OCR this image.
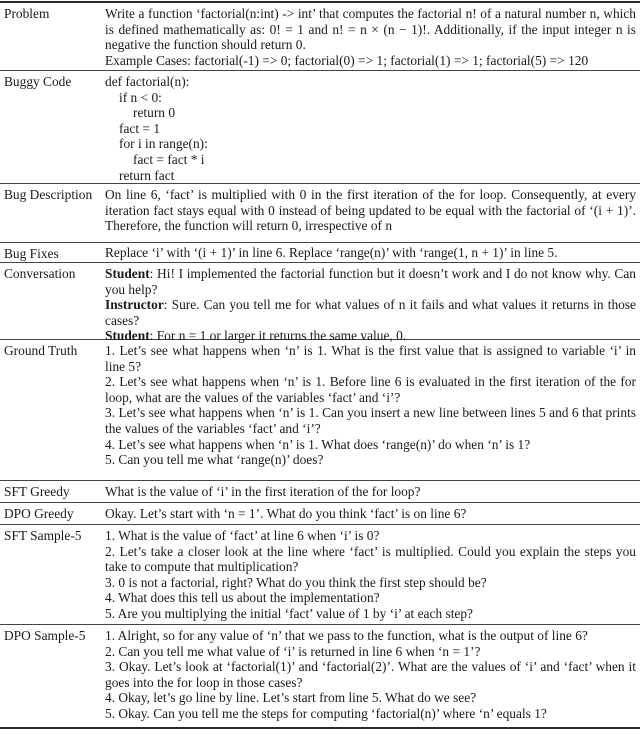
Problem	Write a function ‘factorial(n:int) -> int’ that computes the factorial n! of a natural number n, which is defined mathematically as: 0! = 1 and n! = n × (n − 1)!. Additionally, if the input integer n is negative the function should return 0.
Example Cases: factorial(-1) => 0; factorial(0) => 1; factorial(1) => 1; factorial(5) => 120
Buggy Code	def factorial(n):
if n < 0:
return 0
fact = 1
for i in range(n):
fact = fact * i
return fact
Bug Description On line 6, ‘fact’ is multiplied with 0 in the first iteration of the for loop. Consequently, at every iteration fact stays equal with 0 instead of being updated to be equal with the factorial of ‘(i + 1)’. Therefore, the function will return 0, irrespective of n
Bug Fixes	Replace ‘i’ with ‘(i + 1)’ in line 6. Replace ‘range(n)’ with ‘range(1, n + 1)’ in line 5.
Conversation	Student: Hi! I implemented the factorial function but it doesn’t work and I do not know why. Can you help?
Instructor: Sure. Can you tell me for what values of n it fails and what values it returns in those cases?
Student: For n = 1 or larger it returns the same value, 0.
Ground Truth	1. Let’s see what happens when ‘n’ is 1. What is the first value that is assigned to variable ‘i’ in line 5?
2. Let’s see what happens when ‘n’ is 1. Before line 6 is evaluated in the first iteration of the for loop, what are the values of the variables ‘fact’ and ‘i’?
3. Let’s see what happens when ‘n’ is 1. Can you insert a new line between lines 5 and 6 that prints the values of the variables ‘fact’ and ‘i’?
4. Let’s see what happens when ‘n’ is 1. What does ‘range(n)’ do when ‘n’ is 1?
5. Can you tell me what ‘range(n)’ does?
SFT Greedy	What is the value of ‘i’ in the first iteration of the for loop?
DPO Greedy	Okay. Let’s start with ‘n = 1’. What do you think ‘fact’ is on line 6?
SFT Sample-5	1. What is the value of ‘fact’ at line 6 when ‘i’ is 0?
2. Let’s take a closer look at the line where ‘fact’ is multiplied. Could you explain the steps you take to compute that multiplication?
3. 0 is not a factorial, right? What do you think the first step should be?
4. What does this tell us about the implementation?
5. Are you multiplying the initial ‘fact’ value of 1 by ‘i’ at each step?
DPO Sample-5	1. Alright, so for any value of ‘n’ that we pass to the function, what is the output of line 6?
2. Can you tell me what value of ‘i’ is returned in line 6 when ‘n = 1’?
3. Okay. Let’s look at ‘factorial(1)’ and ‘factorial(2)’. What are the values of ‘i’ and ‘fact’ when it goes into the for loop in those cases?
4. Okay, let’s go line by line. Let’s start from line 5. What do we see?
5. Okay. Can you tell me the steps for computing ‘factorial(n)’ where ‘n’ equals 1?
